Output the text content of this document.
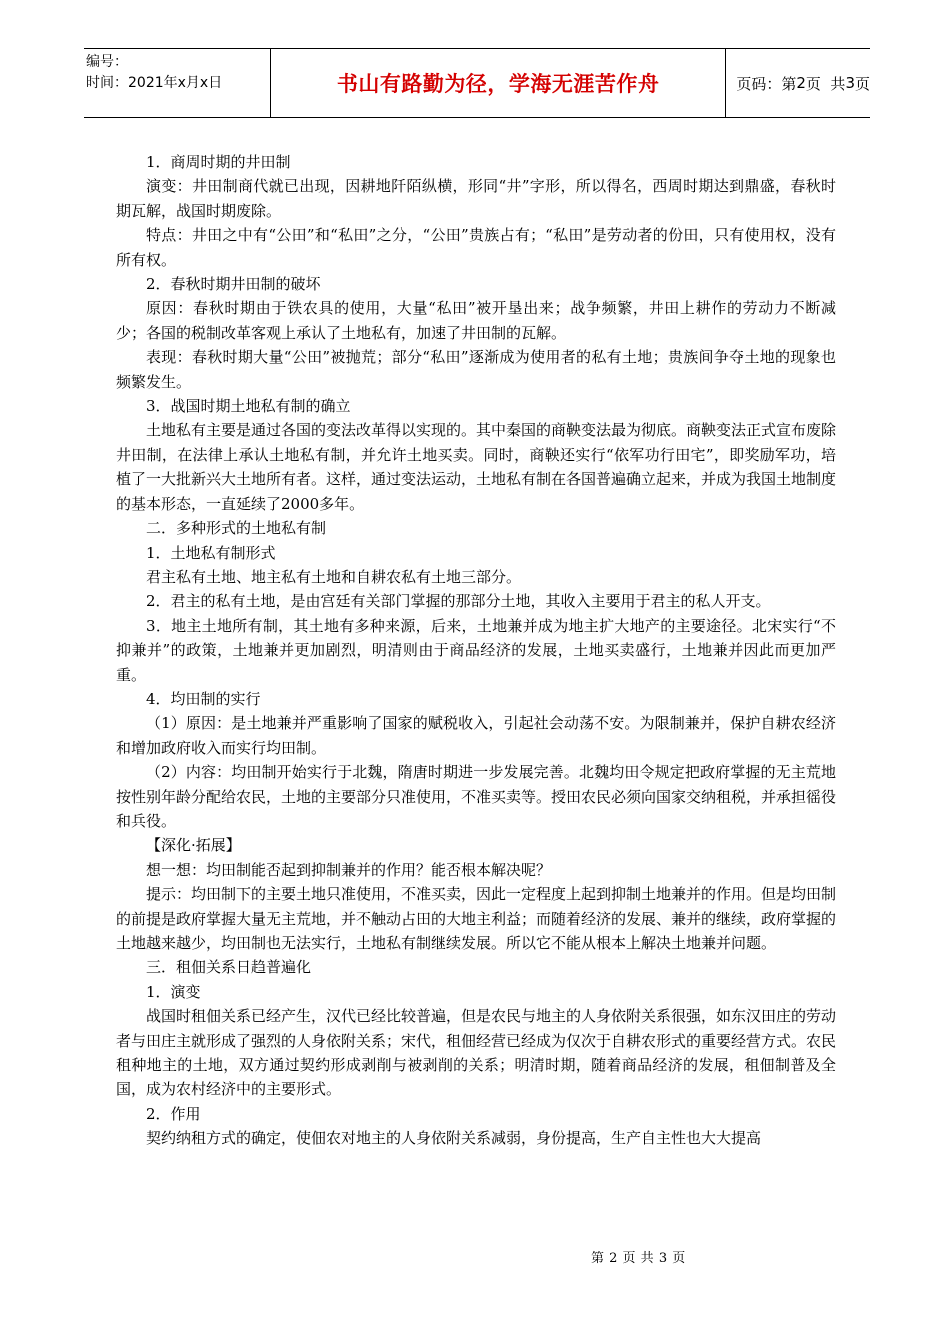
编号：
时间：2021年x月x日	书山有路勤为径，学海无涯苦作舟	页码：第 2 页  共 3 页

1．商周时期的井田制

演变：井田制商代就已出现，因耕地阡陌纵横，形同“井”字形，所以得名，西周时期达到鼎盛，春秋时期瓦解，战国时期废除。

特点：井田之中有“公田”和“私田”之分，“公田”贵族占有；“私田”是劳动者的份田，只有使用权，没有所有权。

2．春秋时期井田制的破坏

原因：春秋时期由于铁农具的使用，大量“私田”被开垦出来；战争频繁，井田上耕作的劳动力不断减少；各国的税制改革客观上承认了土地私有，加速了井田制的瓦解。

表现：春秋时期大量“公田”被抛荒；部分“私田”逐渐成为使用者的私有土地；贵族间争夺土地的现象也频繁发生。

3．战国时期土地私有制的确立

土地私有主要是通过各国的变法改革得以实现的。其中秦国的商鞅变法最为彻底。商鞅变法正式宣布废除井田制，在法律上承认土地私有制，并允许土地买卖。同时，商鞅还实行“依军功行田宅”，即奖励军功，培植了一大批新兴大土地所有者。这样，通过变法运动，土地私有制在各国普遍确立起来，并成为我国土地制度的基本形态，一直延续了2000多年。

二．多种形式的土地私有制

1．土地私有制形式

君主私有土地、地主私有土地和自耕农私有土地三部分。

2．君主的私有土地，是由宫廷有关部门掌握的那部分土地，其收入主要用于君主的私人开支。

3．地主土地所有制，其土地有多种来源，后来，土地兼并成为地主扩大地产的主要途径。北宋实行“不抑兼并”的政策，土地兼并更加剧烈，明清则由于商品经济的发展，土地买卖盛行，土地兼并因此而更加严重。

4．均田制的实行

（1）原因：是土地兼并严重影响了国家的赋税收入，引起社会动荡不安。为限制兼并，保护自耕农经济和增加政府收入而实行均田制。

（2）内容：均田制开始实行于北魏，隋唐时期进一步发展完善。北魏均田令规定把政府掌握的无主荒地按性别年龄分配给农民，土地的主要部分只准使用，不准买卖等。授田农民必须向国家交纳租税，并承担徭役和兵役。

【深化·拓展】

想一想：均田制能否起到抑制兼并的作用？能否根本解决呢？

提示：均田制下的主要土地只准使用，不准买卖，因此一定程度上起到抑制土地兼并的作用。但是均田制的前提是政府掌握大量无主荒地，并不触动占田的大地主利益；而随着经济的发展、兼并的继续，政府掌握的土地越来越少，均田制也无法实行，土地私有制继续发展。所以它不能从根本上解决土地兼并问题。

三．租佃关系日趋普遍化

1．演变

战国时租佃关系已经产生，汉代已经比较普遍，但是农民与地主的人身依附关系很强，如东汉田庄的劳动者与田庄主就形成了强烈的人身依附关系；宋代，租佃经营已经成为仅次于自耕农形式的重要经营方式。农民租种地主的土地，双方通过契约形成剥削与被剥削的关系；明清时期，随着商品经济的发展，租佃制普及全国，成为农村经济中的主要形式。

2．作用

契约纳租方式的确定，使佃农对地主的人身依附关系减弱，身份提高，生产自主性也大大提高

第 2 页 共 3 页
